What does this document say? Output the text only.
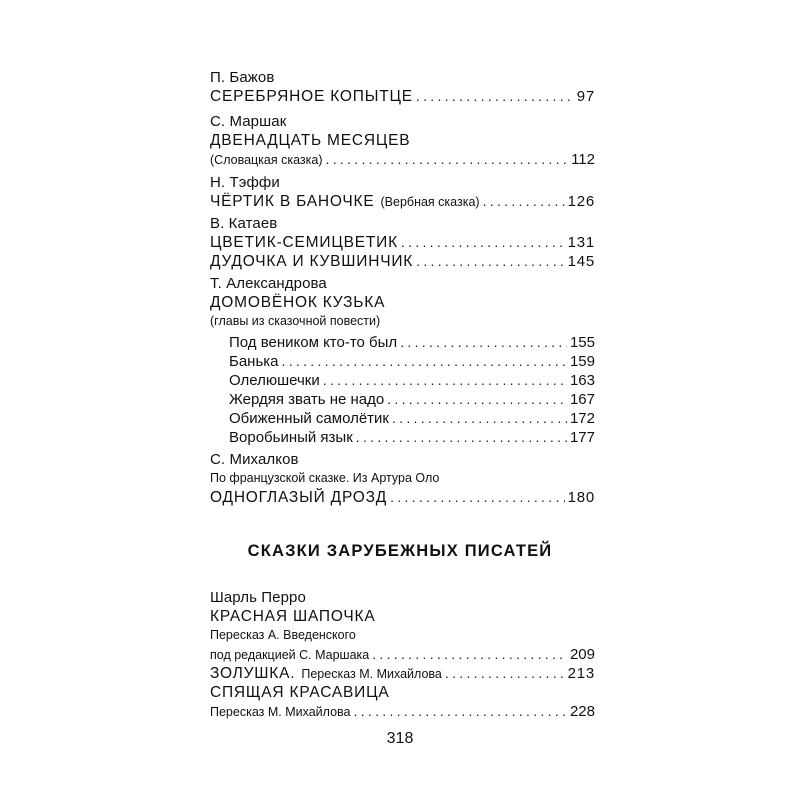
П. Бажов
СЕРЕБРЯНОЕ КОПЫТЦЕ .....	97
С. Маршак
ДВЕНАДЦАТЬ МЕСЯЦЕВ
(Словацкая сказка) .....	112
Н. Тэффи
ЧЁРТИК В БАНОЧКЕ (Вербная сказка) .....	126
В. Катаев
ЦВЕТИК-СЕМИЦВЕТИК .....	131
ДУДОЧКА И КУВШИНЧИК .....	145
Т. Александрова
ДОМОВЁНОК КУЗЬКА
(главы из сказочной повести)
Под веником кто-то был .....	155
Банька .....	159
Олелюшечки .....	163
Жердяя звать не надо .....	167
Обиженный самолётик .....	172
Воробьиный язык .....	177
С. Михалков
По французской сказке. Из Артура Оло
ОДНОГЛАЗЫЙ ДРОЗД .....	180
СКАЗКИ ЗАРУБЕЖНЫХ ПИСАТЕЙ
Шарль Перро
КРАСНАЯ ШАПОЧКА
Пересказ А. Введенского
под редакцией С. Маршака .....	209
ЗОЛУШКА. Пересказ М. Михайлова .....	213
СПЯЩАЯ КРАСАВИЦА
Пересказ М. Михайлова .....	228
318
